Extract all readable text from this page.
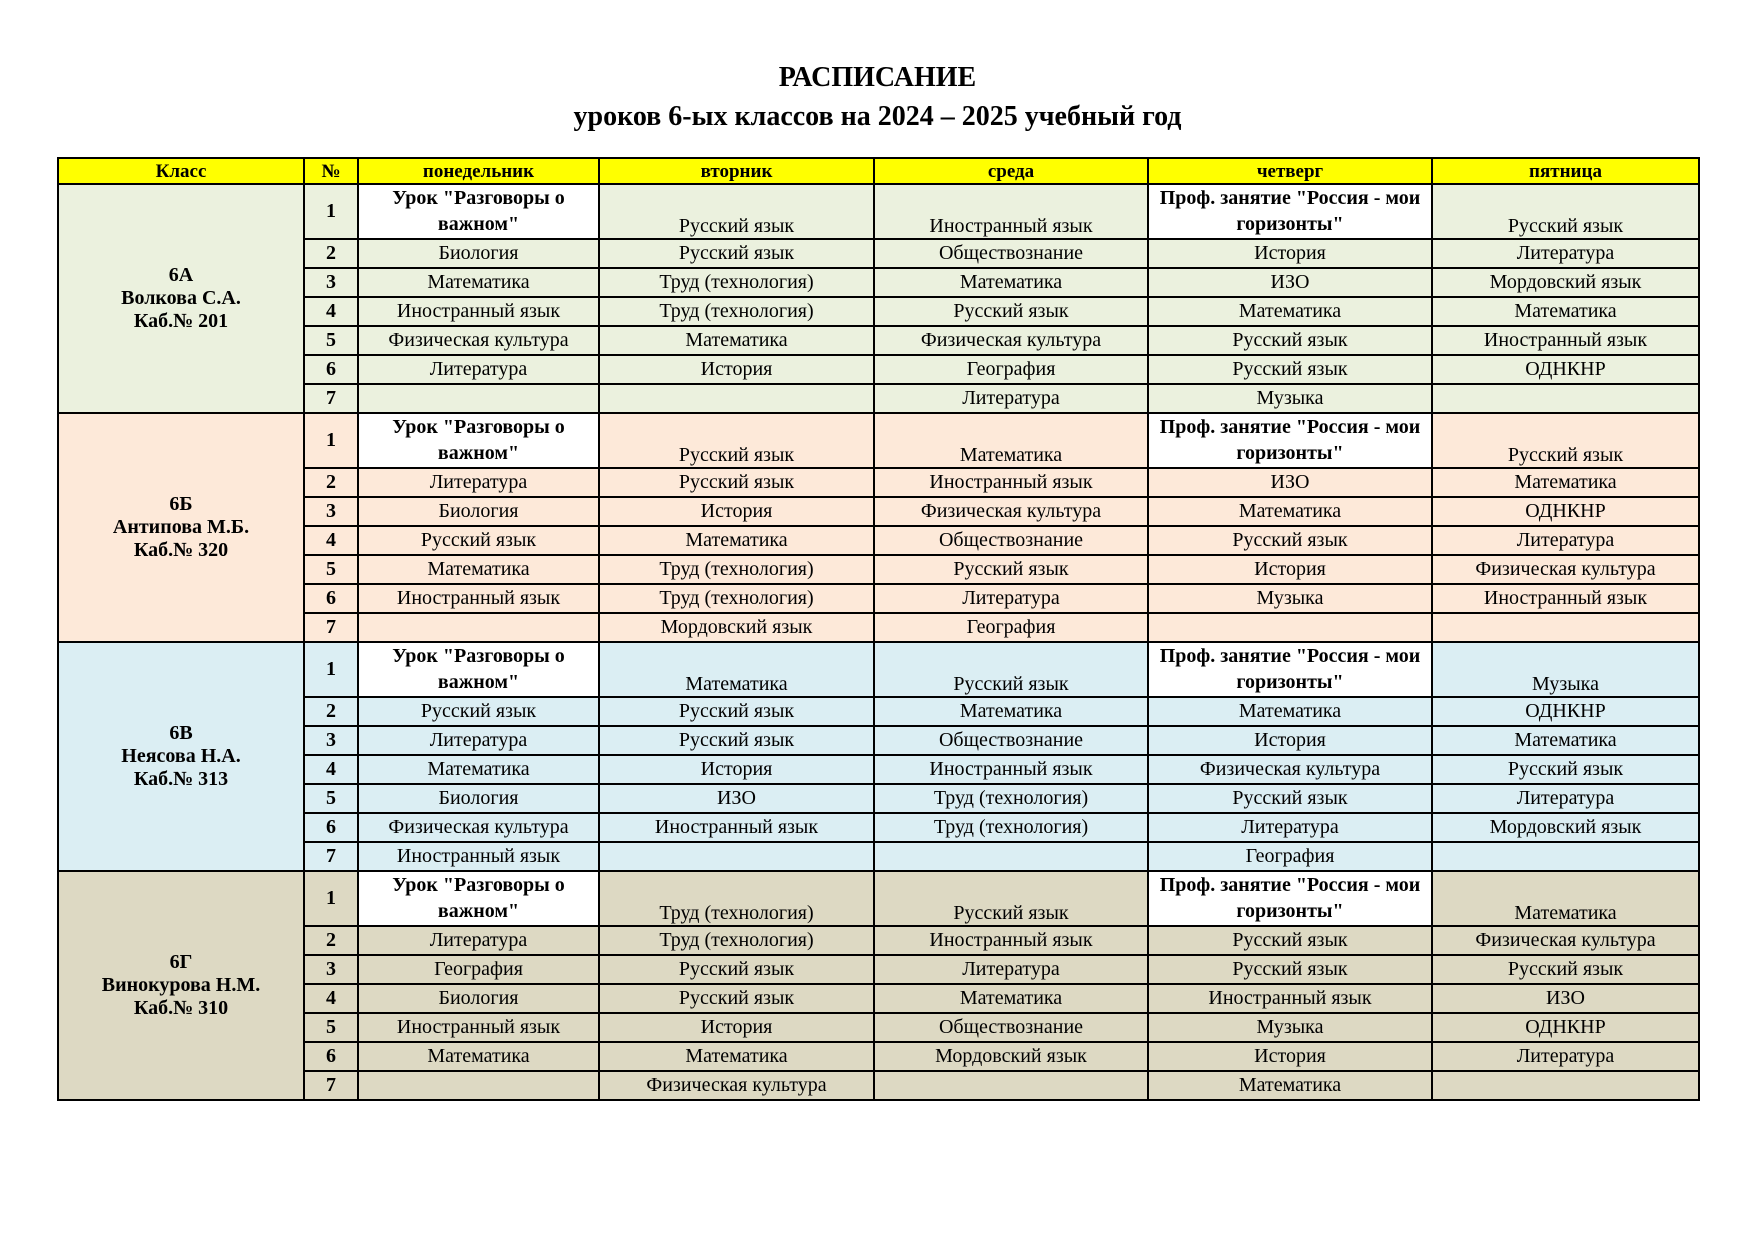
РАСПИСАНИЕ
уроков 6-ых классов на 2024 – 2025 учебный год
Класс	№	понедельник	вторник	среда	четверг	пятница

6А
Волкова С.А.
Каб.№ 201	1	Урок "Разговоры о важном"	Русский язык	Иностранный язык	Проф. занятие "Россия - мои горизонты"	Русский язык
	2	Биология	Русский язык	Обществознание	История	Литература
	3	Математика	Труд (технология)	Математика	ИЗО	Мордовский язык
	4	Иностранный язык	Труд (технология)	Русский язык	Математика	Математика
	5	Физическая культура	Математика	Физическая культура	Русский язык	Иностранный язык
	6	Литература	История	География	Русский язык	ОДНКНР
	7			Литература	Музыка	

6Б
Антипова М.Б.
Каб.№ 320	1	Урок "Разговоры о важном"	Русский язык	Математика	Проф. занятие "Россия - мои горизонты"	Русский язык
	2	Литература	Русский язык	Иностранный язык	ИЗО	Математика
	3	Биология	История	Физическая культура	Математика	ОДНКНР
	4	Русский язык	Математика	Обществознание	Русский язык	Литература
	5	Математика	Труд (технология)	Русский язык	История	Физическая культура
	6	Иностранный язык	Труд (технология)	Литература	Музыка	Иностранный язык
	7		Мордовский язык	География		

6В
Неясова Н.А.
Каб.№ 313	1	Урок "Разговоры о важном"	Математика	Русский язык	Проф. занятие "Россия - мои горизонты"	Музыка
	2	Русский язык	Русский язык	Математика	Математика	ОДНКНР
	3	Литература	Русский язык	Обществознание	История	Математика
	4	Математика	История	Иностранный язык	Физическая культура	Русский язык
	5	Биология	ИЗО	Труд (технология)	Русский язык	Литература
	6	Физическая культура	Иностранный язык	Труд (технология)	Литература	Мордовский язык
	7	Иностранный язык			География	

6Г
Винокурова Н.М.
Каб.№ 310	1	Урок "Разговоры о важном"	Труд (технология)	Русский язык	Проф. занятие "Россия - мои горизонты"	Математика
	2	Литература	Труд (технология)	Иностранный язык	Русский язык	Физическая культура
	3	География	Русский язык	Литература	Русский язык	Русский язык
	4	Биология	Русский язык	Математика	Иностранный язык	ИЗО
	5	Иностранный язык	История	Обществознание	Музыка	ОДНКНР
	6	Математика	Математика	Мордовский язык	История	Литература
	7		Физическая культура		Математика	
